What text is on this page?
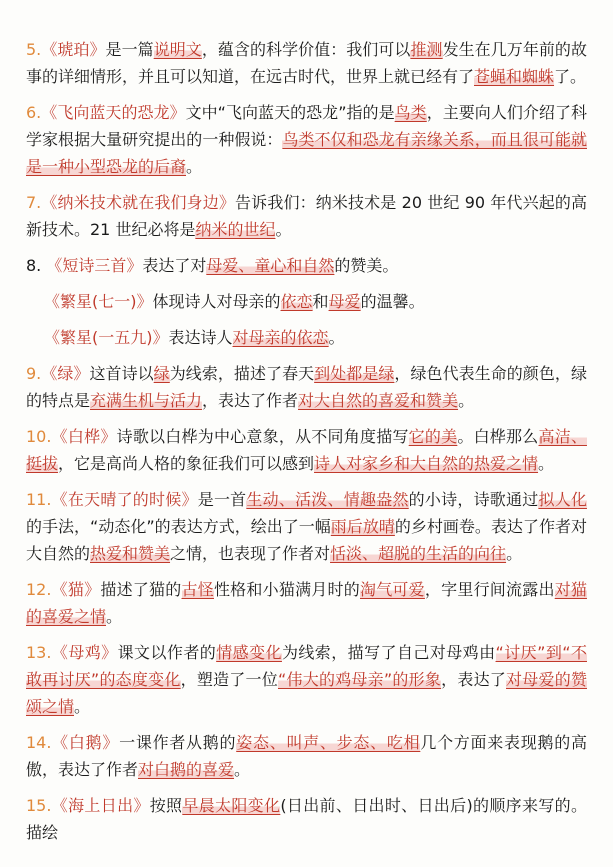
5.《琥珀》是一篇说明文，蕴含的科学价值：我们可以推测发生在几万年前的故事的详细情形，并且可以知道，在远古时代，世界上就已经有了苍蝇和蜘蛛了。
6.《飞向蓝天的恐龙》文中“飞向蓝天的恐龙”指的是鸟类，主要向人们介绍了科学家根据大量研究提出的一种假说：鸟类不仅和恐龙有亲缘关系，而且很可能就是一种小型恐龙的后裔。
7.《纳米技术就在我们身边》告诉我们：纳米技术是 20 世纪 90 年代兴起的高新技术。21 世纪必将是纳米的世纪。
8. 《短诗三首》表达了对母爱、童心和自然的赞美。
《繁星(七一)》体现诗人对母亲的依恋和母爱的温馨。
《繁星(一五九)》表达诗人对母亲的依恋。
9.《绿》这首诗以绿为线索，描述了春天到处都是绿，绿色代表生命的颜色，绿的特点是充满生机与活力，表达了作者对大自然的喜爱和赞美。
10.《白桦》诗歌以白桦为中心意象，从不同角度描写它的美。白桦那么高洁、挺拔，它是高尚人格的象征我们可以感到诗人对家乡和大自然的热爱之情。
11.《在天晴了的时候》是一首生动、活泼、情趣盎然的小诗，诗歌通过拟人化的手法，“动态化”的表达方式，绘出了一幅雨后放晴的乡村画卷。表达了作者对大自然的热爱和赞美之情，也表现了作者对恬淡、超脱的生活的向往。
12.《猫》描述了猫的古怪性格和小猫满月时的淘气可爱，字里行间流露出对猫的喜爱之情。
13.《母鸡》课文以作者的情感变化为线索，描写了自己对母鸡由“讨厌”到“不敢再讨厌”的态度变化，塑造了一位“伟大的鸡母亲”的形象，表达了对母爱的赞颂之情。
14.《白鹅》一课作者从鹅的姿态、叫声、步态、吃相几个方面来表现鹅的高傲，表达了作者对白鹅的喜爱。
15.《海上日出》按照早晨太阳变化(日出前、日出时、日出后)的顺序来写的。描绘
